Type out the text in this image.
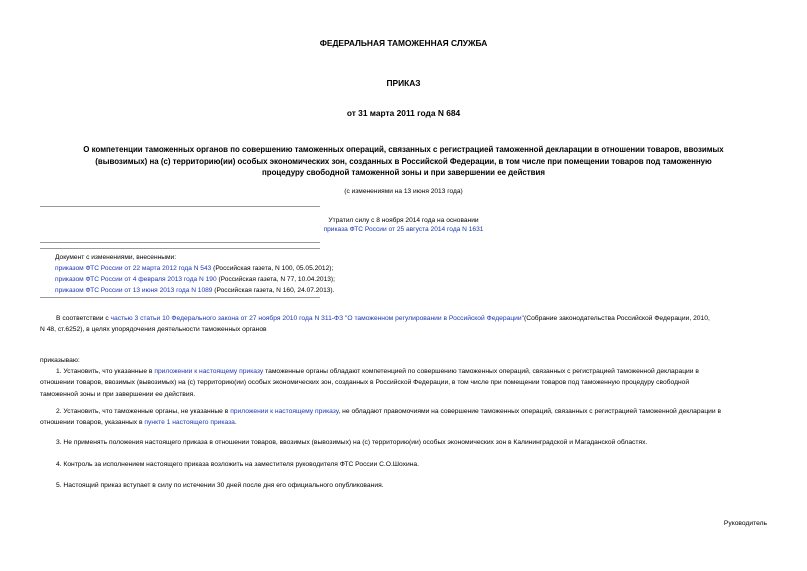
ФЕДЕРАЛЬНАЯ ТАМОЖЕННАЯ СЛУЖБА
ПРИКАЗ
от 31 марта 2011 года N 684
О компетенции таможенных органов по совершению таможенных операций, связанных с регистрацией таможенной декларации в отношении товаров, ввозимых
(вывозимых) на (с) территорию(ии) особых экономических зон, созданных в Российской Федерации, в том числе при помещении товаров под таможенную
процедуру свободной таможенной зоны и при завершении ее действия
(с изменениями на 13 июня 2013 года)
Утратил силу с 8 ноября 2014 года на основании
приказа ФТС России от 25 августа 2014 года N 1631
Документ с изменениями, внесенными:
приказом ФТС России от 22 марта 2012 года N 543 (Российская газета, N 100, 05.05.2012);
приказом ФТС России от 4 февраля 2013 года N 190 (Российская газета, N 77, 10.04.2013);
приказом ФТС России от 13 июня 2013 года N 1089 (Российская газета, N 160, 24.07.2013).
В соответствии с частью 3 статьи 10 Федерального закона от 27 ноября 2010 года N 311-ФЗ "О таможенном регулировании в Российской Федерации"(Собрание законодательства Российской Федерации, 2010,
N 48, ст.6252), в целях упорядочения деятельности таможенных органов
приказываю:
1. Установить, что указанные в приложении к настоящему приказу таможенные органы обладают компетенцией по совершению таможенных операций, связанных с регистрацией таможенной декларации в
отношении товаров, ввозимых (вывозимых) на (с) территорию(ии) особых экономических зон, созданных в Российской Федерации, в том числе при помещении товаров под таможенную процедуру свободной
таможенной зоны и при завершении ее действия.
2. Установить, что таможенные органы, не указанные в приложении к настоящему приказу, не обладают правомочиями на совершение таможенных операций, связанных с регистрацией таможенной декларации в
отношении товаров, указанных в пункте 1 настоящего приказа.
3. Не применять положения настоящего приказа в отношении товаров, ввозимых (вывозимых) на (с) территорию(ии) особых экономических зон в Калининградской и Магаданской областях.
4. Контроль за исполнением настоящего приказа возложить на заместителя руководителя ФТС России С.О.Шохина.
5. Настоящий приказ вступает в силу по истечении 30 дней после дня его официального опубликования.
Руководитель
